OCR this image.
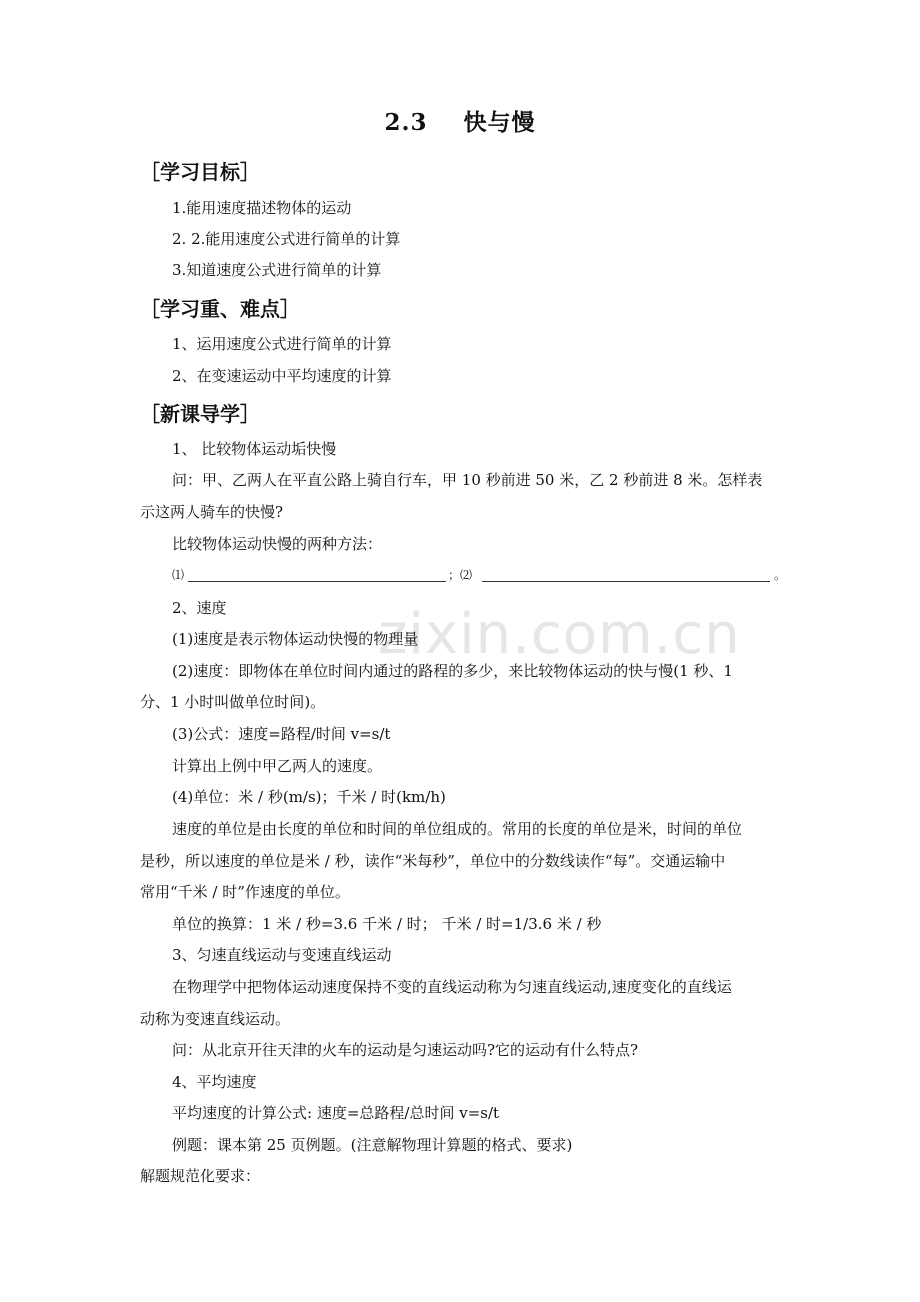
zixin.com.cn
2.3 快与慢
［学习目标］
1.能用速度描述物体的运动
2. 2.能用速度公式进行简单的计算
3.知道速度公式进行简单的计算
［学习重、难点］
1、运用速度公式进行简单的计算
2、在变速运动中平均速度的计算
［新课导学］
1、 比较物体运动垢快慢
问：甲、乙两人在平直公路上骑自行车，甲 10 秒前进 50 米，乙 2 秒前进 8 米。怎样表
示这两人骑车的快慢?
比较物体运动快慢的两种方法：
⑴	；⑵	。
2、速度
(1)速度是表示物体运动快慢的物理量
(2)速度：即物体在单位时间内通过的路程的多少，来比较物体运动的快与慢(1 秒、1
分、1 小时叫做单位时间)。
(3)公式：速度=路程/时间 v=s/t
计算出上例中甲乙两人的速度。
(4)单位：米 / 秒(m/s)；千米 / 时(km/h)
速度的单位是由长度的单位和时间的单位组成的。常用的长度的单位是米，时间的单位
是秒，所以速度的单位是米 / 秒，读作“米每秒”，单位中的分数线读作“每”。交通运输中
常用“千米 / 时”作速度的单位。
单位的换算：1 米 / 秒=3.6 千米 / 时； 千米 / 时=1/3.6 米 / 秒
3、匀速直线运动与变速直线运动
在物理学中把物体运动速度保持不变的直线运动称为匀速直线运动,速度变化的直线运
动称为变速直线运动。
问：从北京开往天津的火车的运动是匀速运动吗?它的运动有什么特点?
4、平均速度
平均速度的计算公式: 速度=总路程/总时间 v=s/t
例题：课本第 25 页例题。(注意解物理计算题的格式、要求)
解题规范化要求：
